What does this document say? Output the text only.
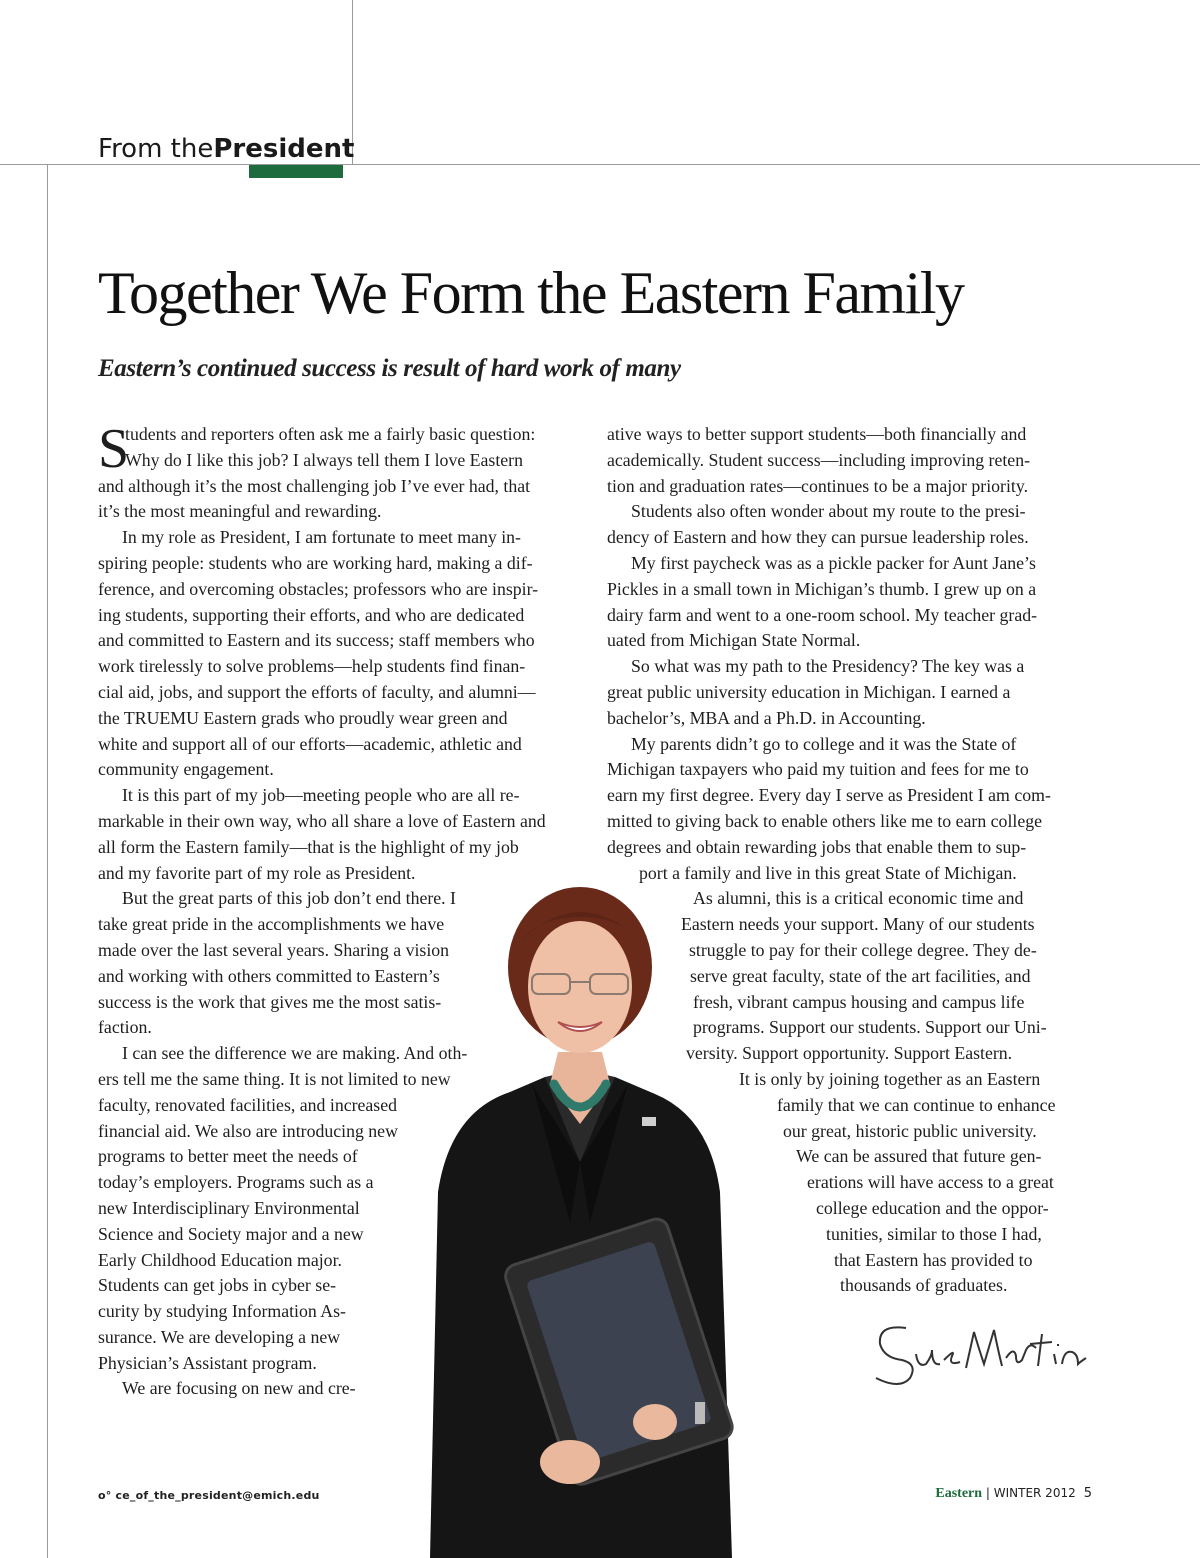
From thePresident
Together We Form the Eastern Family
Eastern’s continued success is result of hard work of many
S

tudents and reporters often ask me a fairly basic question:

Why do I like this job? I always tell them I love Eastern

and although it’s the most challenging job I’ve ever had, that

it’s the most meaningful and rewarding.

In my role as President, I am fortunate to meet many in-

spiring people: students who are working hard, making a dif-

ference, and overcoming obstacles; professors who are inspir-

ing students, supporting their efforts, and who are dedicated

and committed to Eastern and its success; staff members who

work tirelessly to solve problems—help students find finan-

cial aid, jobs, and support the efforts of faculty, and alumni—

the TRUEMU Eastern grads who proudly wear green and

white and support all of our efforts—academic, athletic and

community engagement.

It is this part of my job—meeting people who are all re-

markable in their own way, who all share a love of Eastern and

all form the Eastern family—that is the highlight of my job

and my favorite part of my role as President.

But the great parts of this job don’t end there. I

take great pride in the accomplishments we have

made over the last several years. Sharing a vision

and working with others committed to Eastern’s

success is the work that gives me the most satis-

faction.

I can see the difference we are making. And oth-

ers tell me the same thing. It is not limited to new

faculty, renovated facilities, and increased

financial aid. We also are introducing new

programs to better meet the needs of

today’s employers. Programs such as a

new Interdisciplinary Environmental

Science and Society major and a new

Early Childhood Education major.

Students can get jobs in cyber se-

curity by studying Information As-

surance. We are developing a new

Physician’s Assistant program.

We are focusing on new and cre-

ative ways to better support students—both financially and

academically. Student success—including improving reten-

tion and graduation rates—continues to be a major priority.

Students also often wonder about my route to the presi-

dency of Eastern and how they can pursue leadership roles.

My first paycheck was as a pickle packer for Aunt Jane’s

Pickles in a small town in Michigan’s thumb. I grew up on a

dairy farm and went to a one-room school. My teacher grad-

uated from Michigan State Normal.

So what was my path to the Presidency? The key was a

great public university education in Michigan. I earned a

bachelor’s, MBA and a Ph.D. in Accounting.

My parents didn’t go to college and it was the State of

Michigan taxpayers who paid my tuition and fees for me to

earn my first degree. Every day I serve as President I am com-

mitted to giving back to enable others like me to earn college

degrees and obtain rewarding jobs that enable them to sup-

port a family and live in this great State of Michigan.

As alumni, this is a critical economic time and

Eastern needs your support. Many of our students

struggle to pay for their college degree. They de-

serve great faculty, state of the art facilities, and

fresh, vibrant campus housing and campus life

programs. Support our students. Support our Uni-

versity. Support opportunity. Support Eastern.

It is only by joining together as an Eastern

family that we can continue to enhance

our great, historic public university.

We can be assured that future gen-

erations will have access to a great

college education and the oppor-

tunities, similar to those I had,

that Eastern has provided to

thousands of graduates.

o° ce_of_the_president@emich.edu	Eastern | WINTER 2012 5
